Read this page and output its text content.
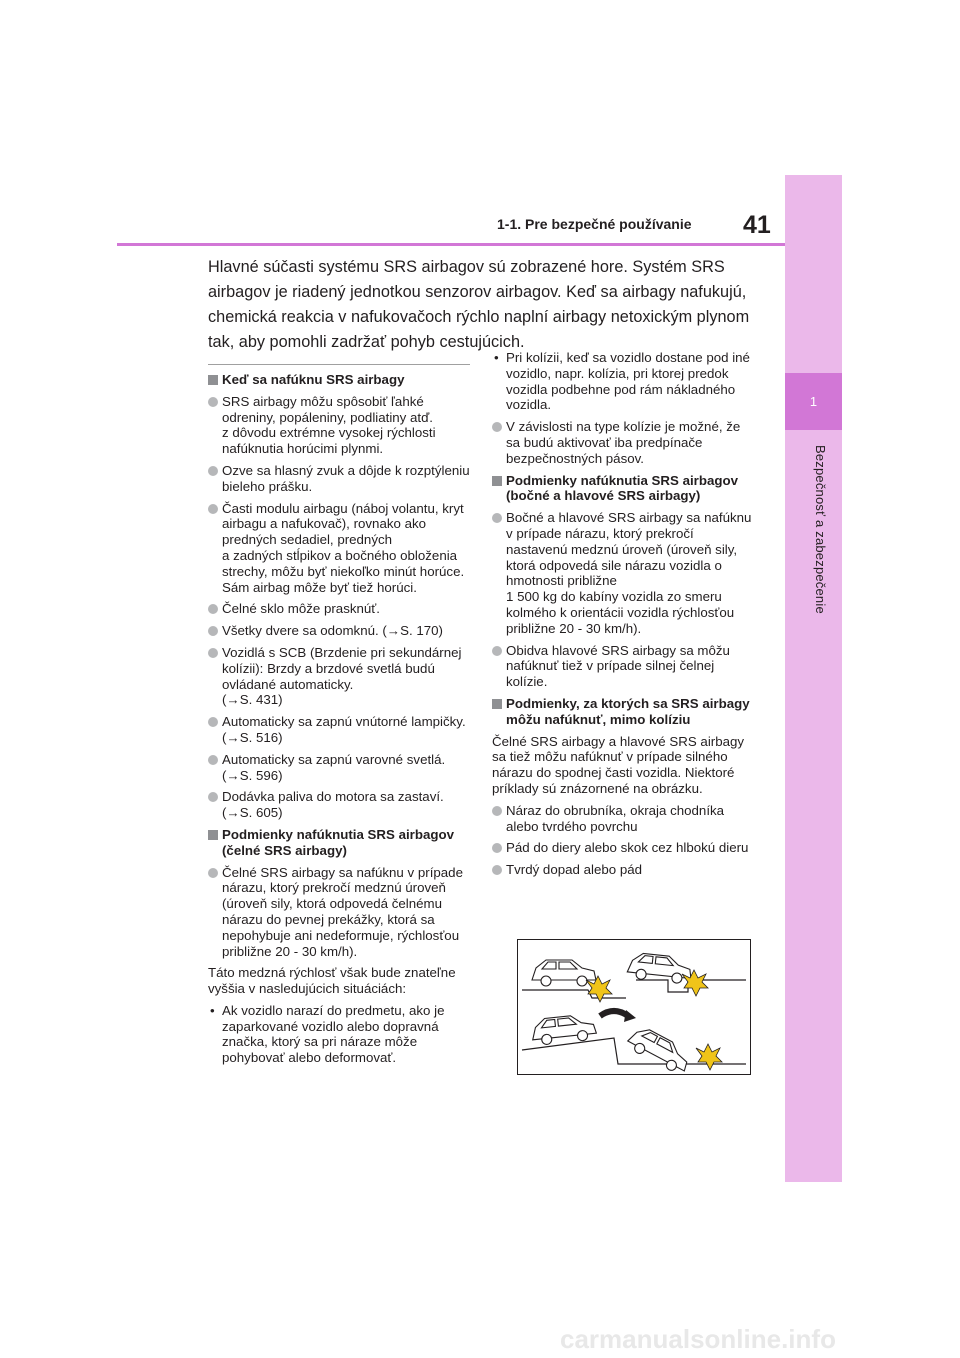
1
Bezpečnosť a zabezpečenie
1-1. Pre bezpečné používanie 41

Hlavné súčasti systému SRS airbagov sú zobrazené hore. Systém SRS airbagov je riadený jednotkou senzorov airbagov. Keď sa airbagy nafukujú, chemická reakcia v nafukovačoch rýchlo naplní airbagy netoxickým plynom tak, aby pomohli zadržať pohyb cestujúcich.

Keď sa nafúknu SRS airbagy
SRS airbagy môžu spôsobiť ľahké odreniny, popáleniny, podliatiny atď.
z dôvodu extrémne vysokej rýchlosti nafúknutia horúcimi plynmi.
Ozve sa hlasný zvuk a dôjde k rozptýleniu bieleho prášku.
Časti modulu airbagu (náboj volantu, kryt airbagu a nafukovač), rovnako ako predných sedadiel, predných
a zadných stĺpikov a bočného obloženia strechy, môžu byť niekoľko minút horúce. Sám airbag môže byť tiež horúci.
Čelné sklo môže prasknúť.
Všetky dvere sa odomknú. (→S. 170)
Vozidlá s SCB (Brzdenie pri sekundárnej kolízii): Brzdy a brzdové svetlá budú ovládané automaticky.
(→S. 431)
Automaticky sa zapnú vnútorné lampičky. (→S. 516)
Automaticky sa zapnú varovné svetlá.
(→S. 596)
Dodávka paliva do motora sa zastaví.
(→S. 605)
Podmienky nafúknutia SRS airbagov (čelné SRS airbagy)
Čelné SRS airbagy sa nafúknu v prípade nárazu, ktorý prekročí medznú úroveň (úroveň sily, ktorá odpovedá čelnému nárazu do pevnej prekážky, ktorá sa nepohybuje ani nedeformuje, rýchlosťou približne 20 - 30 km/h).
Táto medzná rýchlosť však bude znateľne vyššia v nasledujúcich situáciách:
• Ak vozidlo narazí do predmetu, ako je zaparkované vozidlo alebo dopravná značka, ktorý sa pri náraze môže pohybovať alebo deformovať.
• Pri kolízii, keď sa vozidlo dostane pod iné vozidlo, napr. kolízia, pri ktorej predok vozidla podbehne pod rám nákladného vozidla.
V závislosti na type kolízie je možné, že sa budú aktivovať iba predpínače bezpečnostných pásov.
Podmienky nafúknutia SRS airbagov (bočné a hlavové SRS airbagy)
Bočné a hlavové SRS airbagy sa nafúknu v prípade nárazu, ktorý prekročí nastavenú medznú úroveň (úroveň sily, ktorá odpovedá sile nárazu vozidla o hmotnosti približne
1 500 kg do kabíny vozidla zo smeru kolmého k orientácii vozidla rýchlosťou približne 20 - 30 km/h).
Obidva hlavové SRS airbagy sa môžu nafúknuť tiež v prípade silnej čelnej kolízie.
Podmienky, za ktorých sa SRS airbagy môžu nafúknuť, mimo kolíziu
Čelné SRS airbagy a hlavové SRS airbagy sa tiež môžu nafúknuť v prípade silného nárazu do spodnej časti vozidla. Niektoré príklady sú znázornené na obrázku.
Náraz do obrubníka, okraja chodníka alebo tvrdého povrchu
Pád do diery alebo skok cez hlbokú dieru
Tvrdý dopad alebo pád
carmanualsonline.info
